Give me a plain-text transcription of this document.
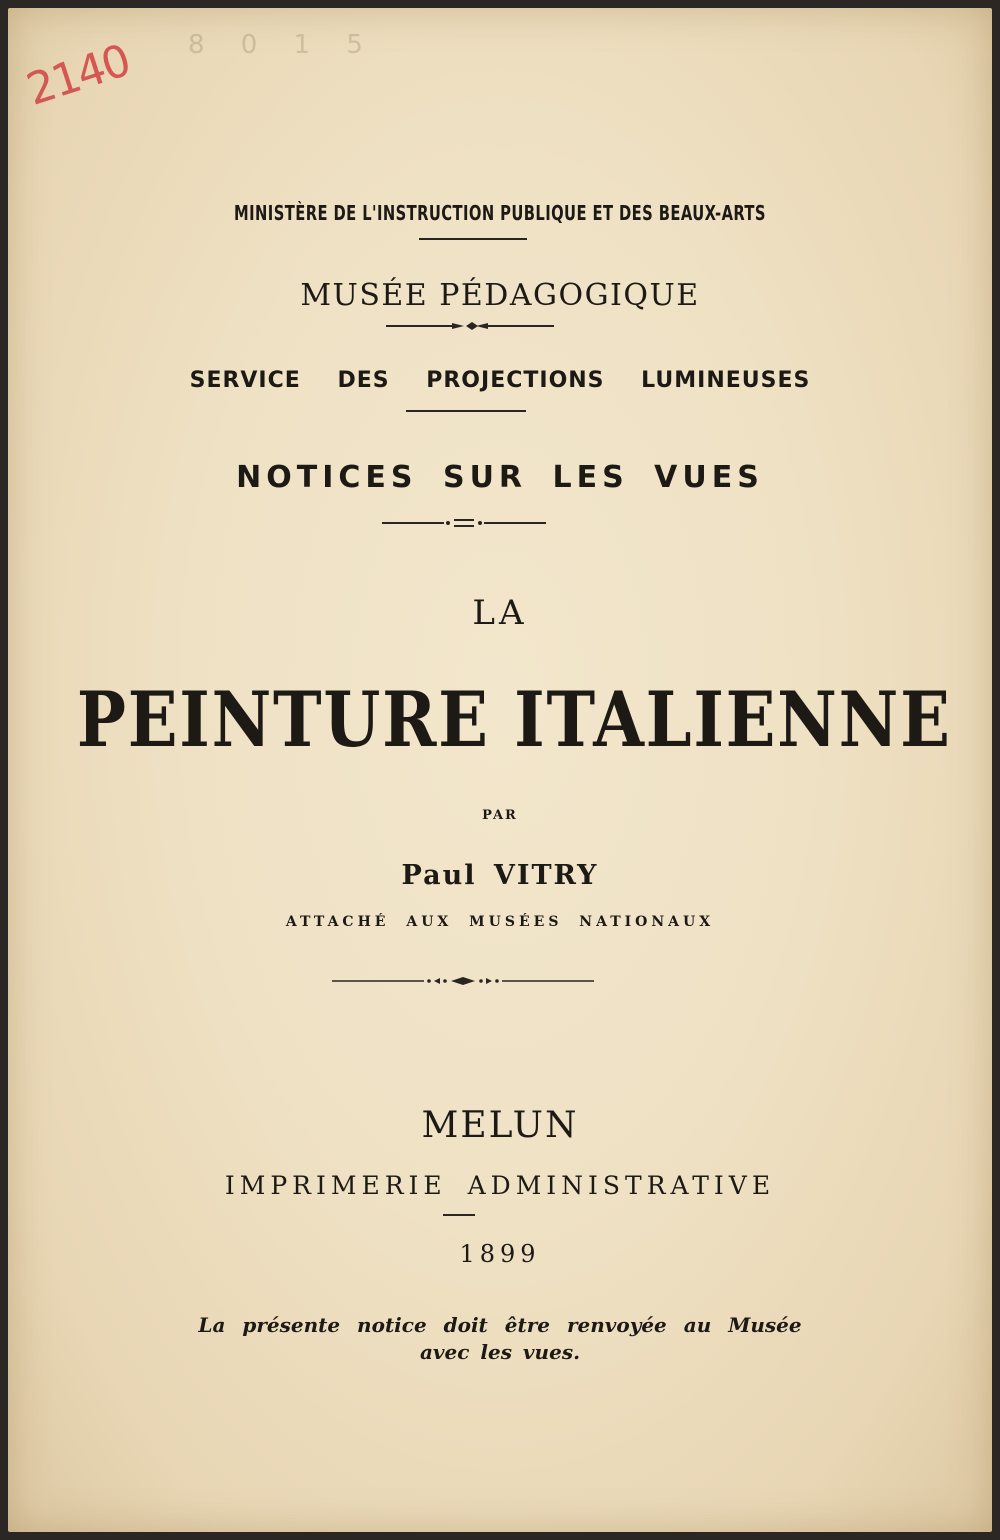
8 0 1 5
2140
MINISTÈRE DE L'INSTRUCTION PUBLIQUE ET DES BEAUX-ARTS
MUSÉE PÉDAGOGIQUE
SERVICE DES PROJECTIONS LUMINEUSES
NOTICES SUR LES VUES
LA
PEINTURE ITALIENNE
PAR
Paul VITRY
ATTACHÉ AUX MUSÉES NATIONAUX
MELUN
IMPRIMERIE ADMINISTRATIVE
1899
La présente notice doit être renvoyée au Musée
avec les vues.
